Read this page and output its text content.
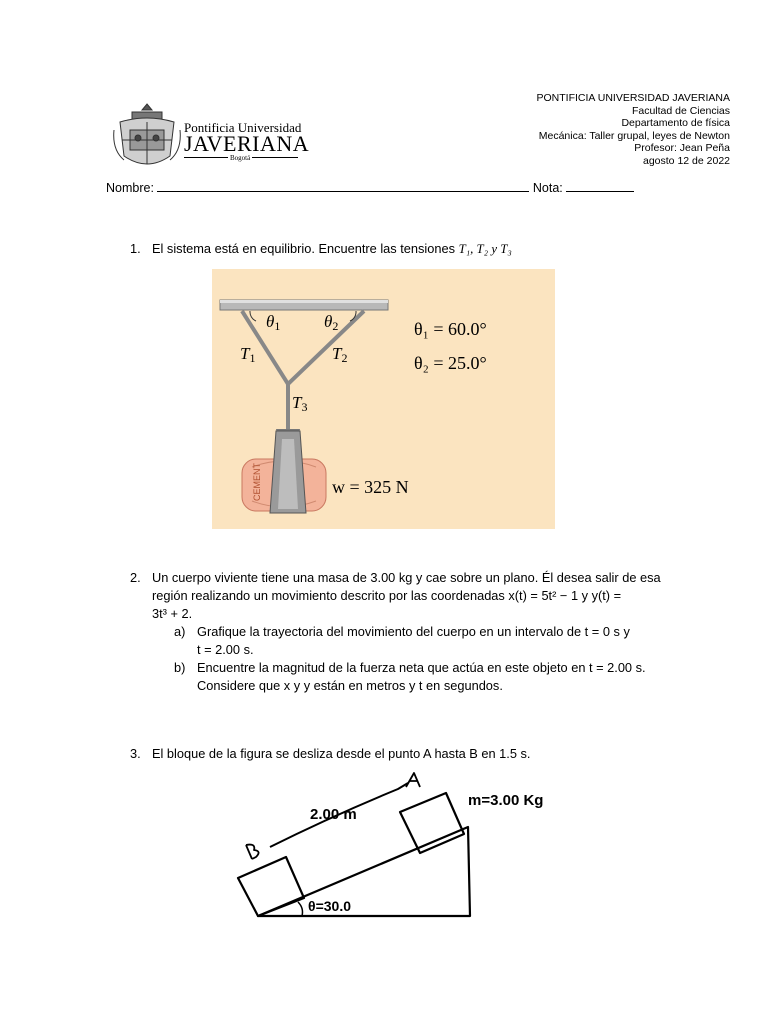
PONTIFICIA UNIVERSIDAD JAVERIANA
Facultad de Ciencias
Departamento de física
Mecánica: Taller grupal, leyes de Newton
Profesor: Jean Peña
agosto 12 de 2022
Pontificia Universidad
JAVERIANA
Bogotá
Nombre:	Nota:
1. El sistema está en equilibrio. Encuentre las tensiones T₁, T₂ y T₃
CEMENT
$\theta_1$	$\theta_2$
$T_1$	$T_2$
$T_3$
θ₁ = 60.0°
θ₂ = 25.0°
w = 325 N
2. Un cuerpo viviente tiene una masa de 3.00 kg y cae sobre un plano. Él desea salir de esa
región realizando un movimiento descrito por las coordenadas x(t) = 5t² − 1 y y(t) =
3t³ + 2.
a) Grafique la trayectoria del movimiento del cuerpo en un intervalo de t = 0 s y
t = 2.00 s.
b) Encuentre la magnitud de la fuerza neta que actúa en este objeto en t = 2.00 s.
Considere que x y y están en metros y t en segundos.
3. El bloque de la figura se desliza desde el punto A hasta B en 1.5 s.
2.00 m
m=3.00 Kg
θ=30.0
